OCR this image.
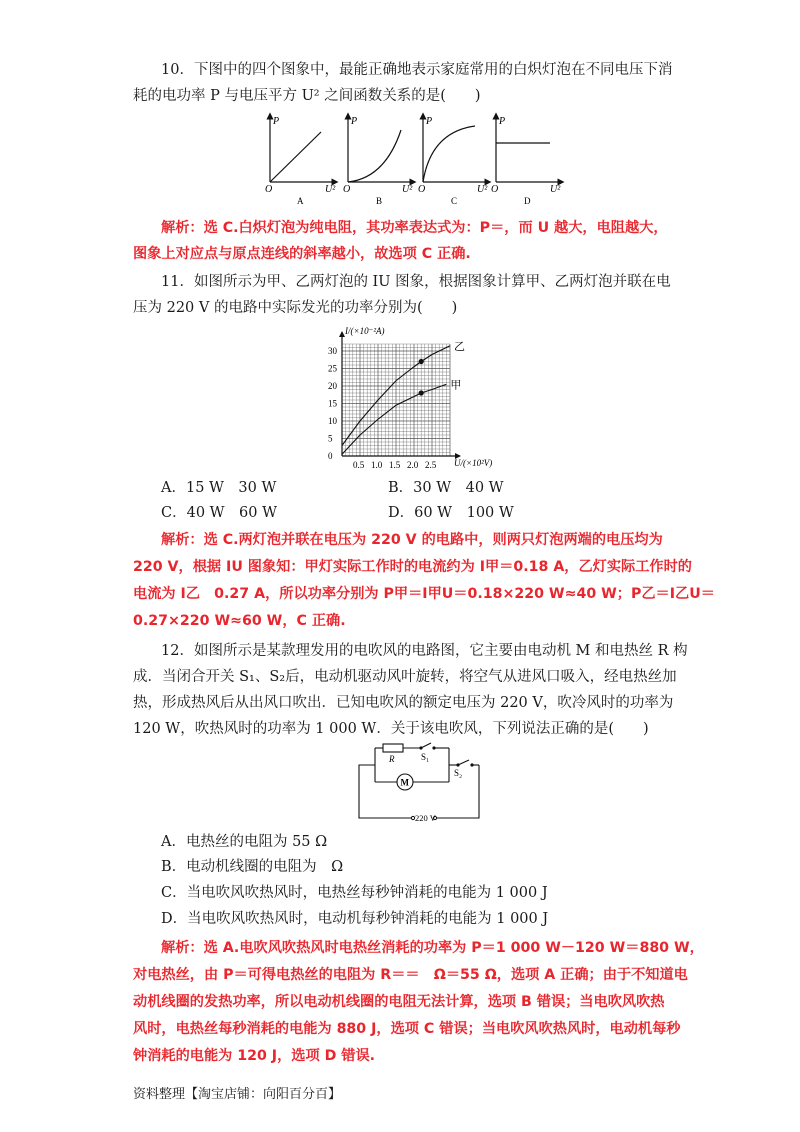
10．下图中的四个图象中，最能正确地表示家庭常用的白炽灯泡在不同电压下消
耗的电功率 P 与电压平方 U² 之间函数关系的是(　　)
P
O	U²
A
P
O	U²
B
P
O	U²
C
P
O	U²
D
解析：选 C.白炽灯泡为纯电阻，其功率表达式为：P＝，而 U 越大，电阻越大，
图象上对应点与原点连线的斜率越小，故选项 C 正确.
11．如图所示为甲、乙两灯泡的 IU 图象，根据图象计算甲、乙两灯泡并联在电
压为 220 V 的电路中实际发光的功率分别为(　　)
0.5 1.0 1.5 2.0 2.5
0
5
10
15
20
25
30	乙
甲
I/(×10⁻²A)
U/(×10²V)
A．15 W　30 W	B．30 W　40 W
C．40 W　60 W	D．60 W　100 W
解析：选 C.两灯泡并联在电压为 220 V 的电路中，则两只灯泡两端的电压均为
220 V，根据 IU 图象知：甲灯实际工作时的电流约为 I甲＝0.18 A，乙灯实际工作时的
电流为 I乙　0.27 A，所以功率分别为 P甲＝I甲U＝0.18×220 W≈40 W；P乙＝I乙U＝
0.27×220 W≈60 W，C 正确.
12．如图所示是某款理发用的电吹风的电路图，它主要由电动机 M 和电热丝 R 构
成．当闭合开关 S₁、S₂后，电动机驱动风叶旋转，将空气从进风口吸入，经电热丝加
热，形成热风后从出风口吹出．已知电吹风的额定电压为 220 V，吹冷风时的功率为
120 W，吹热风时的功率为 1 000 W．关于该电吹风，下列说法正确的是(　　)
M
R	S₁
S₂
220 V
A．电热丝的电阻为 55 Ω
B．电动机线圈的电阻为　Ω
C．当电吹风吹热风时，电热丝每秒钟消耗的电能为 1 000 J
D．当电吹风吹热风时，电动机每秒钟消耗的电能为 1 000 J
解析：选 A.电吹风吹热风时电热丝消耗的功率为 P＝1 000 W－120 W＝880 W，
对电热丝，由 P＝可得电热丝的电阻为 R＝＝　Ω＝55 Ω，选项 A 正确；由于不知道电
动机线圈的发热功率，所以电动机线圈的电阻无法计算，选项 B 错误；当电吹风吹热
风时，电热丝每秒消耗的电能为 880 J，选项 C 错误；当电吹风吹热风时，电动机每秒
钟消耗的电能为 120 J，选项 D 错误.
资料整理【淘宝店铺：向阳百分百】
